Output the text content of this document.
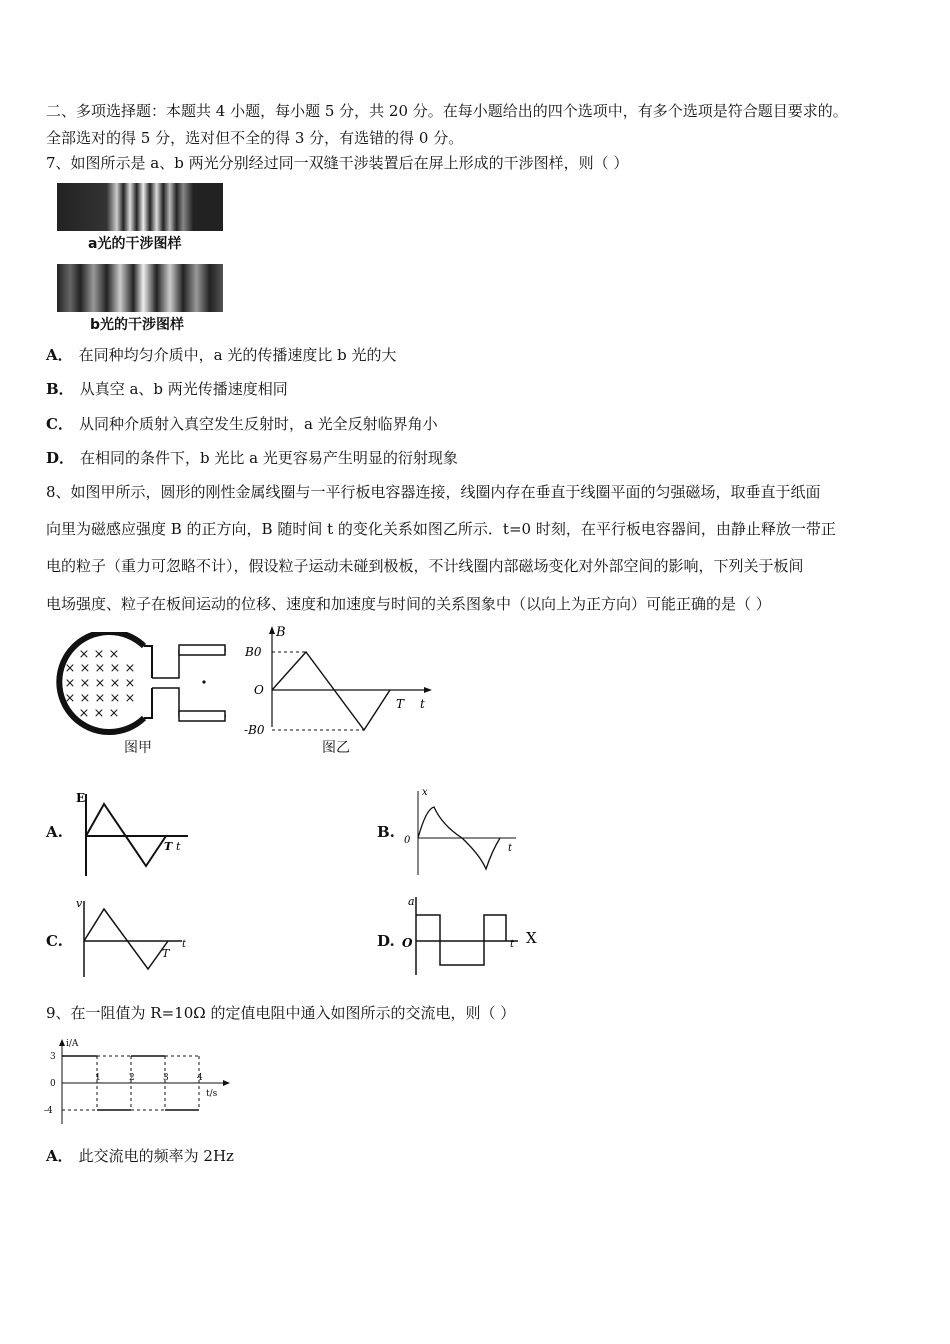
二、多项选择题：本题共 4 小题，每小题 5 分，共 20 分。在每小题给出的四个选项中，有多个选项是符合题目要求的。
全部选对的得 5 分，选对但不全的得 3 分，有选错的得 0 分。
7、如图所示是 a、b 两光分别经过同一双缝干涉装置后在屏上形成的干涉图样，则（ ）
a光的干涉图样
b光的干涉图样
A． 在同种均匀介质中，a 光的传播速度比 b 光的大
B． 从真空 a、b 两光传播速度相同
C． 从同种介质射入真空发生反射时，a 光全反射临界角小
D． 在相同的条件下，b 光比 a 光更容易产生明显的衍射现象
8、如图甲所示，圆形的刚性金属线圈与一平行板电容器连接，线圈内存在垂直于线圈平面的匀强磁场，取垂直于纸面
向里为磁感应强度 B 的正方向，B 随时间 t 的变化关系如图乙所示．t=0 时刻，在平行板电容器间，由静止释放一带正
电的粒子（重力可忽略不计），假设粒子运动未碰到极板，不计线圈内部磁场变化对外部空间的影响，下列关于板间
电场强度、粒子在板间运动的位移、速度和加速度与时间的关系图象中（以向上为正方向）可能正确的是（ ）
× × ×
× × × × ×
× × × × ×
× × × × ×
× × ×
图甲
B
B0
O
-B0
T t
图乙
A.
E
T t
B.
x
0
t
C.
v
T
t	D.
a
O	t X
9、在一阻值为 R=10Ω 的定值电阻中通入如图所示的交流电，则（ ）
i/A
3
0
-4
1	2	3	4
t/s
A． 此交流电的频率为 2Hz
